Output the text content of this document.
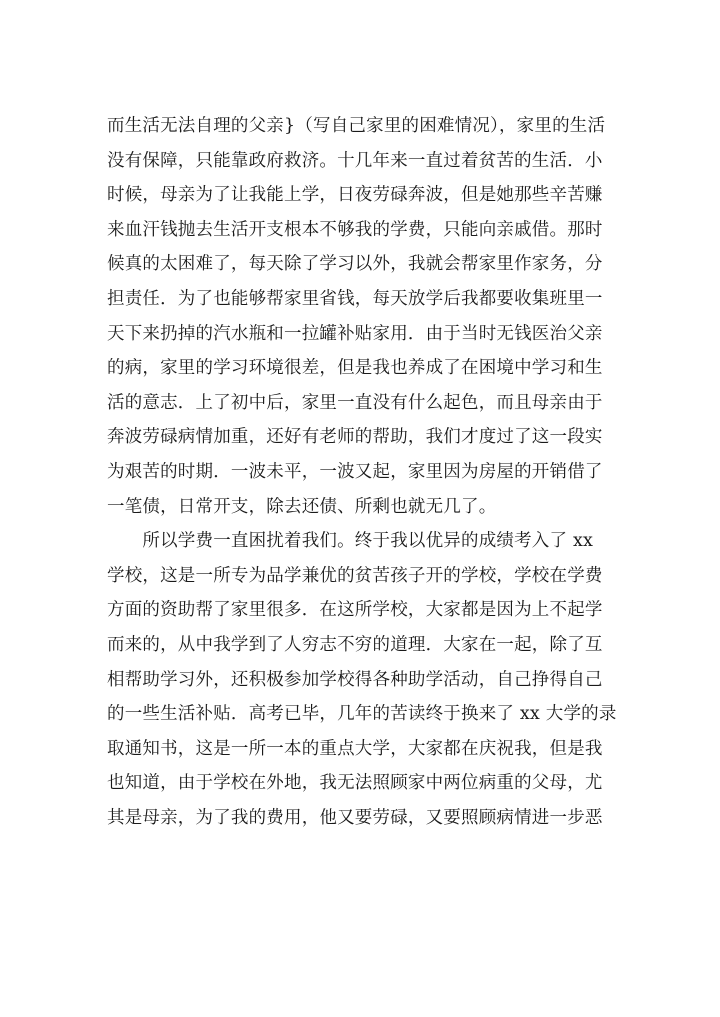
而生活无法自理的父亲}（写自己家里的困难情况），家里的生活
没有保障，只能靠政府救济。十几年来一直过着贫苦的生活．小
时候，母亲为了让我能上学，日夜劳碌奔波，但是她那些辛苦赚
来血汗钱抛去生活开支根本不够我的学费，只能向亲戚借。那时
候真的太困难了，每天除了学习以外，我就会帮家里作家务，分
担责任．为了也能够帮家里省钱，每天放学后我都要收集班里一
天下来扔掉的汽水瓶和一拉罐补贴家用．由于当时无钱医治父亲
的病，家里的学习环境很差，但是我也养成了在困境中学习和生
活的意志．上了初中后，家里一直没有什么起色，而且母亲由于
奔波劳碌病情加重，还好有老师的帮助，我们才度过了这一段实
为艰苦的时期．一波未平，一波又起，家里因为房屋的开销借了
一笔债，日常开支，除去还债、所剩也就无几了。
　　所以学费一直困扰着我们。终于我以优异的成绩考入了 xx
学校，这是一所专为品学兼优的贫苦孩子开的学校，学校在学费
方面的资助帮了家里很多．在这所学校，大家都是因为上不起学
而来的，从中我学到了人穷志不穷的道理．大家在一起，除了互
相帮助学习外，还积极参加学校得各种助学活动，自己挣得自己
的一些生活补贴．高考已毕，几年的苦读终于换来了 xx 大学的录
取通知书，这是一所一本的重点大学，大家都在庆祝我，但是我
也知道，由于学校在外地，我无法照顾家中两位病重的父母，尤
其是母亲，为了我的费用，他又要劳碌，又要照顾病情进一步恶
